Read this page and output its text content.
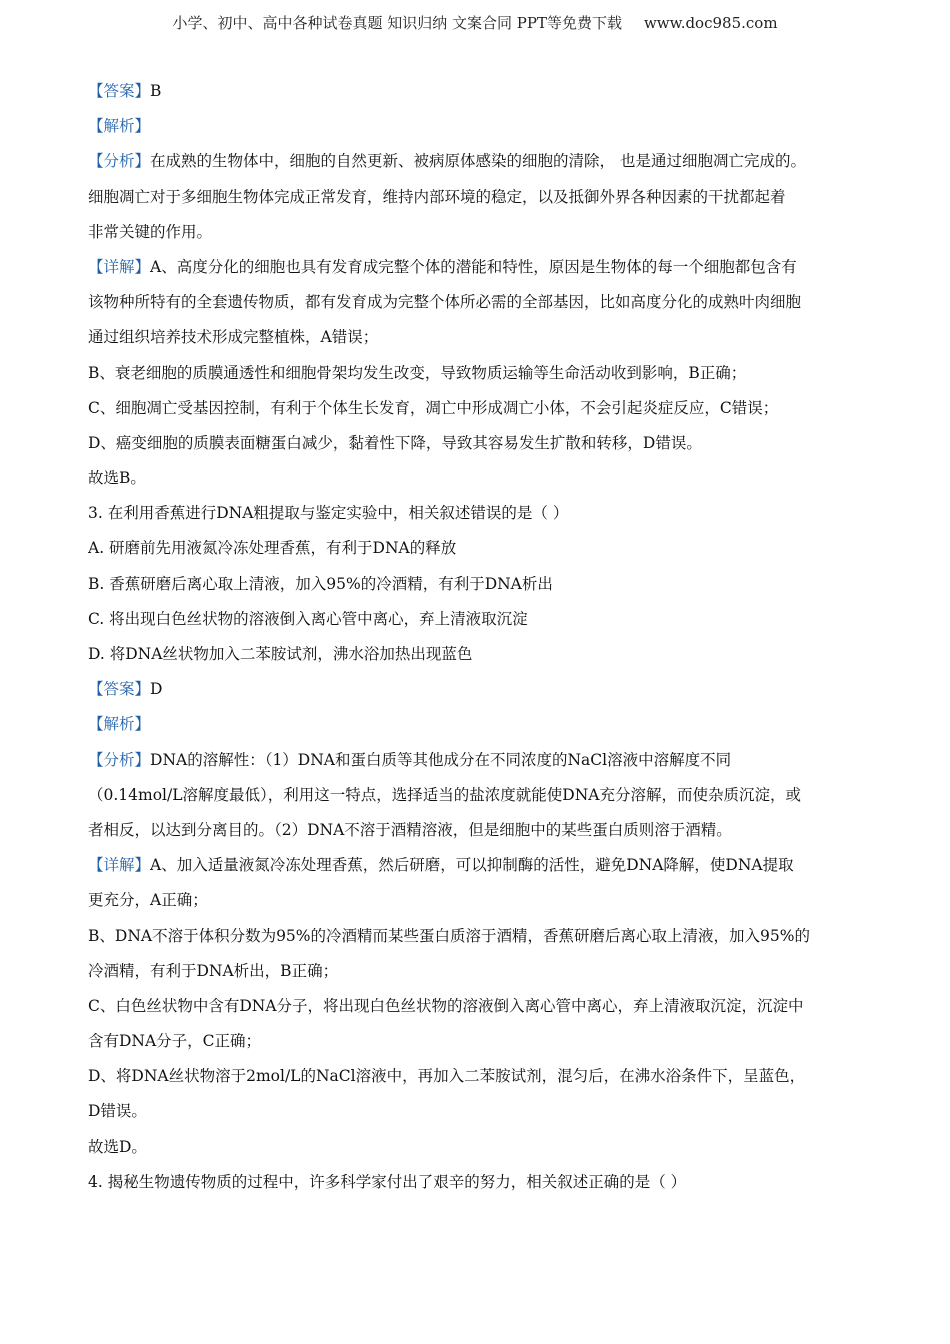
小学、初中、高中各种试卷真题 知识归纳 文案合同 PPT等免费下载 www.doc985.com
【答案】B
【解析】
【分析】在成熟的生物体中，细胞的自然更新、被病原体感染的细胞的清除， 也是通过细胞凋亡完成的。
细胞凋亡对于多细胞生物体完成正常发育，维持内部环境的稳定，以及抵御外界各种因素的干扰都起着
非常关键的作用。
【详解】A、高度分化的细胞也具有发育成完整个体的潜能和特性，原因是生物体的每一个细胞都包含有
该物种所特有的全套遗传物质，都有发育成为完整个体所必需的全部基因，比如高度分化的成熟叶肉细胞
通过组织培养技术形成完整植株，A错误；
B、衰老细胞的质膜通透性和细胞骨架均发生改变，导致物质运输等生命活动收到影响，B正确；
C、细胞凋亡受基因控制，有利于个体生长发育，凋亡中形成凋亡小体，不会引起炎症反应，C错误；
D、癌变细胞的质膜表面糖蛋白减少，黏着性下降，导致其容易发生扩散和转移，D错误。
故选B。
3. 在利用香蕉进行DNA粗提取与鉴定实验中，相关叙述错误的是（ ）
A. 研磨前先用液氮冷冻处理香蕉，有利于DNA的释放
B. 香蕉研磨后离心取上清液，加入95%的冷酒精，有利于DNA析出
C. 将出现白色丝状物的溶液倒入离心管中离心，弃上清液取沉淀
D. 将DNA丝状物加入二苯胺试剂，沸水浴加热出现蓝色
【答案】D
【解析】
【分析】DNA的溶解性：（1）DNA和蛋白质等其他成分在不同浓度的NaCl溶液中溶解度不同
（0.14mol/L溶解度最低），利用这一特点，选择适当的盐浓度就能使DNA充分溶解，而使杂质沉淀，或
者相反，以达到分离目的。（2）DNA不溶于酒精溶液，但是细胞中的某些蛋白质则溶于酒精。
【详解】A、加入适量液氮冷冻处理香蕉，然后研磨，可以抑制酶的活性，避免DNA降解，使DNA提取
更充分，A正确；
B、DNA不溶于体积分数为95%的冷酒精而某些蛋白质溶于酒精，香蕉研磨后离心取上清液，加入95%的
冷酒精，有利于DNA析出，B正确；
C、白色丝状物中含有DNA分子，将出现白色丝状物的溶液倒入离心管中离心，弃上清液取沉淀，沉淀中
含有DNA分子，C正确；
D、将DNA丝状物溶于2mol/L的NaCl溶液中，再加入二苯胺试剂，混匀后，在沸水浴条件下，呈蓝色，
D错误。
故选D。
4. 揭秘生物遗传物质的过程中，许多科学家付出了艰辛的努力，相关叙述正确的是（ ）
